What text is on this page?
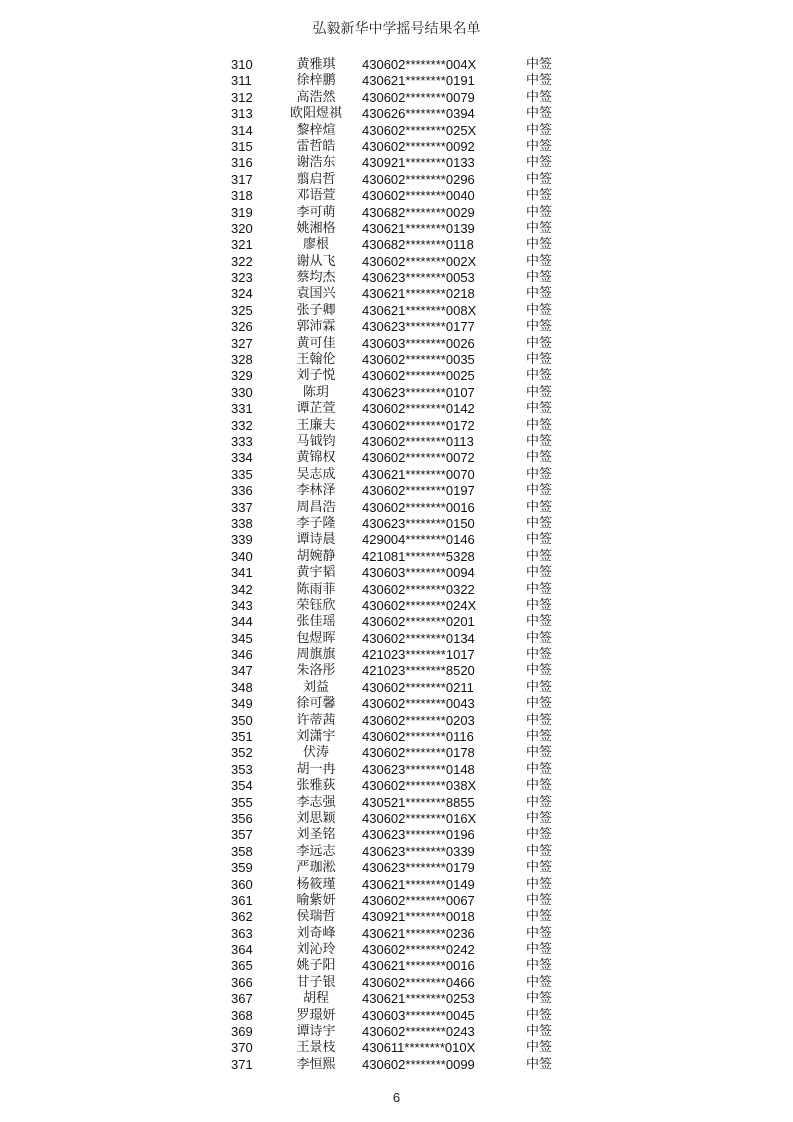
弘毅新华中学摇号结果名单
310	黄雅琪	430602********004X	中签
311	徐梓鹏	430621********0191	中签
312	高浩然	430602********0079	中签
313	欧阳煜祺	430626********0394	中签
314	黎梓煊	430602********025X	中签
315	雷哲皓	430602********0092	中签
316	谢浩东	430921********0133	中签
317	翦启哲	430602********0296	中签
318	邓语萱	430602********0040	中签
319	李可萌	430682********0029	中签
320	姚湘格	430621********0139	中签
321	廖根	430682********0118	中签
322	谢从飞	430602********002X	中签
323	蔡均杰	430623********0053	中签
324	袁国兴	430621********0218	中签
325	张子卿	430621********008X	中签
326	郭沛霖	430623********0177	中签
327	黄可佳	430603********0026	中签
328	王翰伦	430602********0035	中签
329	刘子悦	430602********0025	中签
330	陈玥	430623********0107	中签
331	谭芷萱	430602********0142	中签
332	王廉夫	430602********0172	中签
333	马钺钧	430602********0113	中签
334	黄锦权	430602********0072	中签
335	吴志成	430621********0070	中签
336	李林泽	430602********0197	中签
337	周昌浩	430602********0016	中签
338	李子隆	430623********0150	中签
339	谭诗晨	429004********0146	中签
340	胡婉静	421081********5328	中签
341	黄宇韬	430603********0094	中签
342	陈雨菲	430602********0322	中签
343	荣钰欣	430602********024X	中签
344	张佳瑶	430602********0201	中签
345	包煜晖	430602********0134	中签
346	周旗旗	421023********1017	中签
347	朱洛彤	421023********8520	中签
348	刘益	430602********0211	中签
349	徐可馨	430602********0043	中签
350	许蒂茜	430602********0203	中签
351	刘潇宇	430602********0116	中签
352	伏涛	430602********0178	中签
353	胡一冉	430623********0148	中签
354	张雅荻	430602********038X	中签
355	李志强	430521********8855	中签
356	刘思颖	430602********016X	中签
357	刘圣铭	430623********0196	中签
358	李远志	430623********0339	中签
359	严珈淞	430623********0179	中签
360	杨筱瑾	430621********0149	中签
361	喻紫妍	430602********0067	中签
362	侯瑞哲	430921********0018	中签
363	刘奇峰	430621********0236	中签
364	刘沁玲	430602********0242	中签
365	姚子阳	430621********0016	中签
366	甘子银	430602********0466	中签
367	胡程	430621********0253	中签
368	罗璟妍	430603********0045	中签
369	谭诗宇	430602********0243	中签
370	王景枝	430611********010X	中签
371	李恒熙	430602********0099	中签
6
